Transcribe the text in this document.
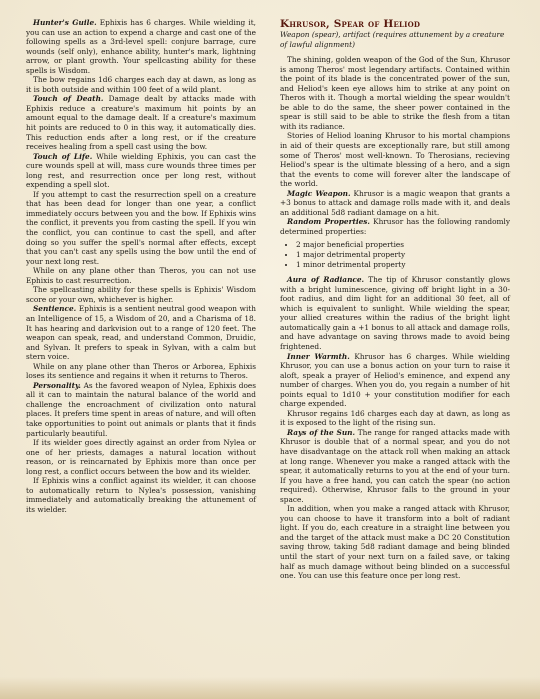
Hunter's Guile. Ephixis has 6 charges. While wielding it, you can use an action to expend a charge and cast one of the following spells as a 3rd-level spell: conjure barrage, cure wounds (self only), enhance ability, hunter's mark, lightning arrow, or plant growth. Your spellcasting ability for these spells is Wisdom.

The bow regains 1d6 charges each day at dawn, as long as it is both outside and within 100 feet of a wild plant.

Touch of Death. Damage dealt by attacks made with Ephixis reduce a creature's maximum hit points by an amount equal to the damage dealt. If a creature's maximum hit points are reduced to 0 in this way, it automatically dies. This reduction ends after a long rest, or if the creature receives healing from a spell cast using the bow.

Touch of Life. While wielding Ephixis, you can cast the cure wounds spell at will, mass cure wounds three times per long rest, and resurrection once per long rest, without expending a spell slot.

If you attempt to cast the resurrection spell on a creature that has been dead for longer than one year, a conflict immediately occurs between you and the bow. If Ephixis wins the conflict, it prevents you from casting the spell. If you win the conflict, you can continue to cast the spell, and after doing so you suffer the spell's normal after effects, except that you can't cast any spells using the bow until the end of your next long rest.

While on any plane other than Theros, you can not use Ephixis to cast resurrection.

The spellcasting ability for these spells is Ephixis' Wisdom score or your own, whichever is higher.

Sentience. Ephixis is a sentient neutral good weapon with an Intelligence of 15, a Wisdom of 20, and a Charisma of 18. It has hearing and darkvision out to a range of 120 feet. The weapon can speak, read, and understand Common, Druidic, and Sylvan. It prefers to speak in Sylvan, with a calm but stern voice.

While on any plane other than Theros or Arborea, Ephixis loses its sentience and regains it when it returns to Theros.

Personality. As the favored weapon of Nylea, Ephixis does all it can to maintain the natural balance of the world and challenge the encroachment of civilization onto natural places. It prefers time spent in areas of nature, and will often take opportunities to point out animals or plants that it finds particularly beautiful.

If its wielder goes directly against an order from Nylea or one of her priests, damages a natural location without reason, or is reincarnated by Ephixis more than once per long rest, a conflict occurs between the bow and its wielder.

If Ephixis wins a conflict against its wielder, it can choose to automatically return to Nylea's possession, vanishing immediately and automatically breaking the attunement of its wielder.

Khrusor, Spear of Heliod
Weapon (spear), artifact (requires attunement by a creature of lawful alignment)

The shining, golden weapon of the God of the Sun, Khrusor is among Theros' most legendary artifacts. Contained within the point of its blade is the concentrated power of the sun, and Heliod's keen eye allows him to strike at any point on Theros with it. Though a mortal wielding the spear wouldn't be able to do the same, the sheer power contained in the spear is still said to be able to strike the flesh from a titan with its radiance.

Stories of Heliod loaning Khrusor to his mortal champions in aid of their quests are exceptionally rare, but still among some of Theros' most well-known. To Therosians, recieving Heliod's spear is the ultimate blessing of a hero, and a sign that the events to come will forever alter the landscape of the world.

Magic Weapon. Khrusor is a magic weapon that grants a +3 bonus to attack and damage rolls made with it, and deals an additional 5d8 radiant damage on a hit.

Random Properties. Khrusor has the following randomly determined properties:

• 2 major beneficial properties
• 1 major detrimental property
• 1 minor detrimental property

Aura of Radiance. The tip of Khrusor constantly glows with a bright luminescence, giving off bright light in a 30-foot radius, and dim light for an additional 30 feet, all of which is equivalent to sunlight. While wielding the spear, your allied creatures within the radius of the bright light automatically gain a +1 bonus to all attack and damage rolls, and have advantage on saving throws made to avoid being frightened.

Inner Warmth. Khrusor has 6 charges. While wielding Khrusor, you can use a bonus action on your turn to raise it aloft, speak a prayer of Heliod's eminence, and expend any number of charges. When you do, you regain a number of hit points equal to 1d10 + your constitution modifier for each charge expended.

Khrusor regains 1d6 charges each day at dawn, as long as it is exposed to the light of the rising sun.

Rays of the Sun. The range for ranged attacks made with Khrusor is double that of a normal spear, and you do not have disadvantage on the attack roll when making an attack at long range. Whenever you make a ranged attack with the spear, it automatically returns to you at the end of your turn. If you have a free hand, you can catch the spear (no action required). Otherwise, Khrusor falls to the ground in your space.

In addition, when you make a ranged attack with Khrusor, you can choose to have it transform into a bolt of radiant light. If you do, each creature in a straight line between you and the target of the attack must make a DC 20 Constitution saving throw, taking 5d8 radiant damage and being blinded until the start of your next turn on a failed save, or taking half as much damage without being blinded on a successful one. You can use this feature once per long rest.
